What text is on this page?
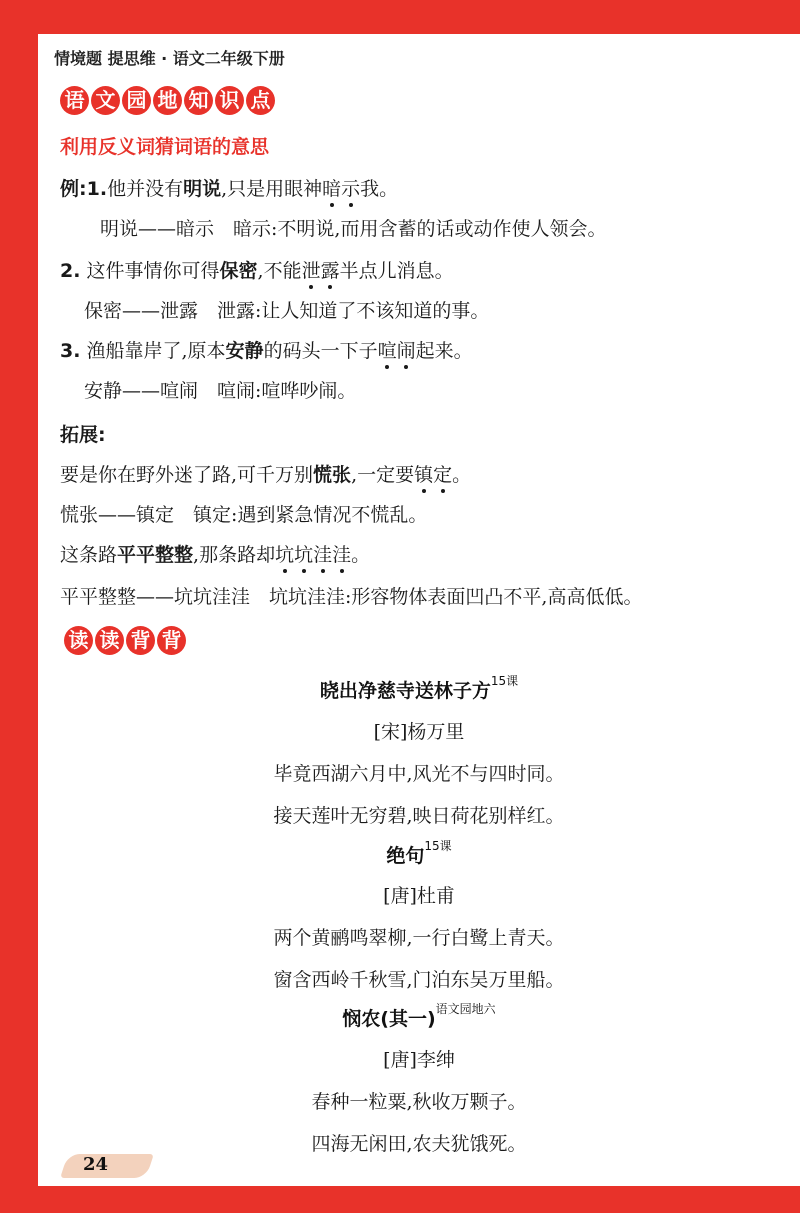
情境题 提思维 · 语文二年级下册
语 文 园 地 知 识 点
利用反义词猜词语的意思
例:1.他并没有明说,只是用眼神暗示我。
明说——暗示　暗示:不明说,而用含蓄的话或动作使人领会。
2. 这件事情你可得保密,不能泄露半点儿消息。
保密——泄露　泄露:让人知道了不该知道的事。
3. 渔船靠岸了,原本安静的码头一下子喧闹起来。
安静——喧闹　喧闹:喧哗吵闹。
拓展:
要是你在野外迷了路,可千万别慌张,一定要镇定。
慌张——镇定　镇定:遇到紧急情况不慌乱。
这条路平平整整,那条路却坑坑洼洼。
平平整整——坑坑洼洼　坑坑洼洼:形容物体表面凹凸不平,高高低低。
读 读 背 背
晓出净慈寺送林子方$^{15课}$
[宋]杨万里
毕竟西湖六月中,风光不与四时同。
接天莲叶无穷碧,映日荷花别样红。
绝句$^{15课}$
[唐]杜甫
两个黄鹂鸣翠柳,一行白鹭上青天。
窗含西岭千秋雪,门泊东吴万里船。
悯农(其一)$^{语文园地六}$
[唐]李绅
春种一粒粟,秋收万颗子。
四海无闲田,农夫犹饿死。
24
